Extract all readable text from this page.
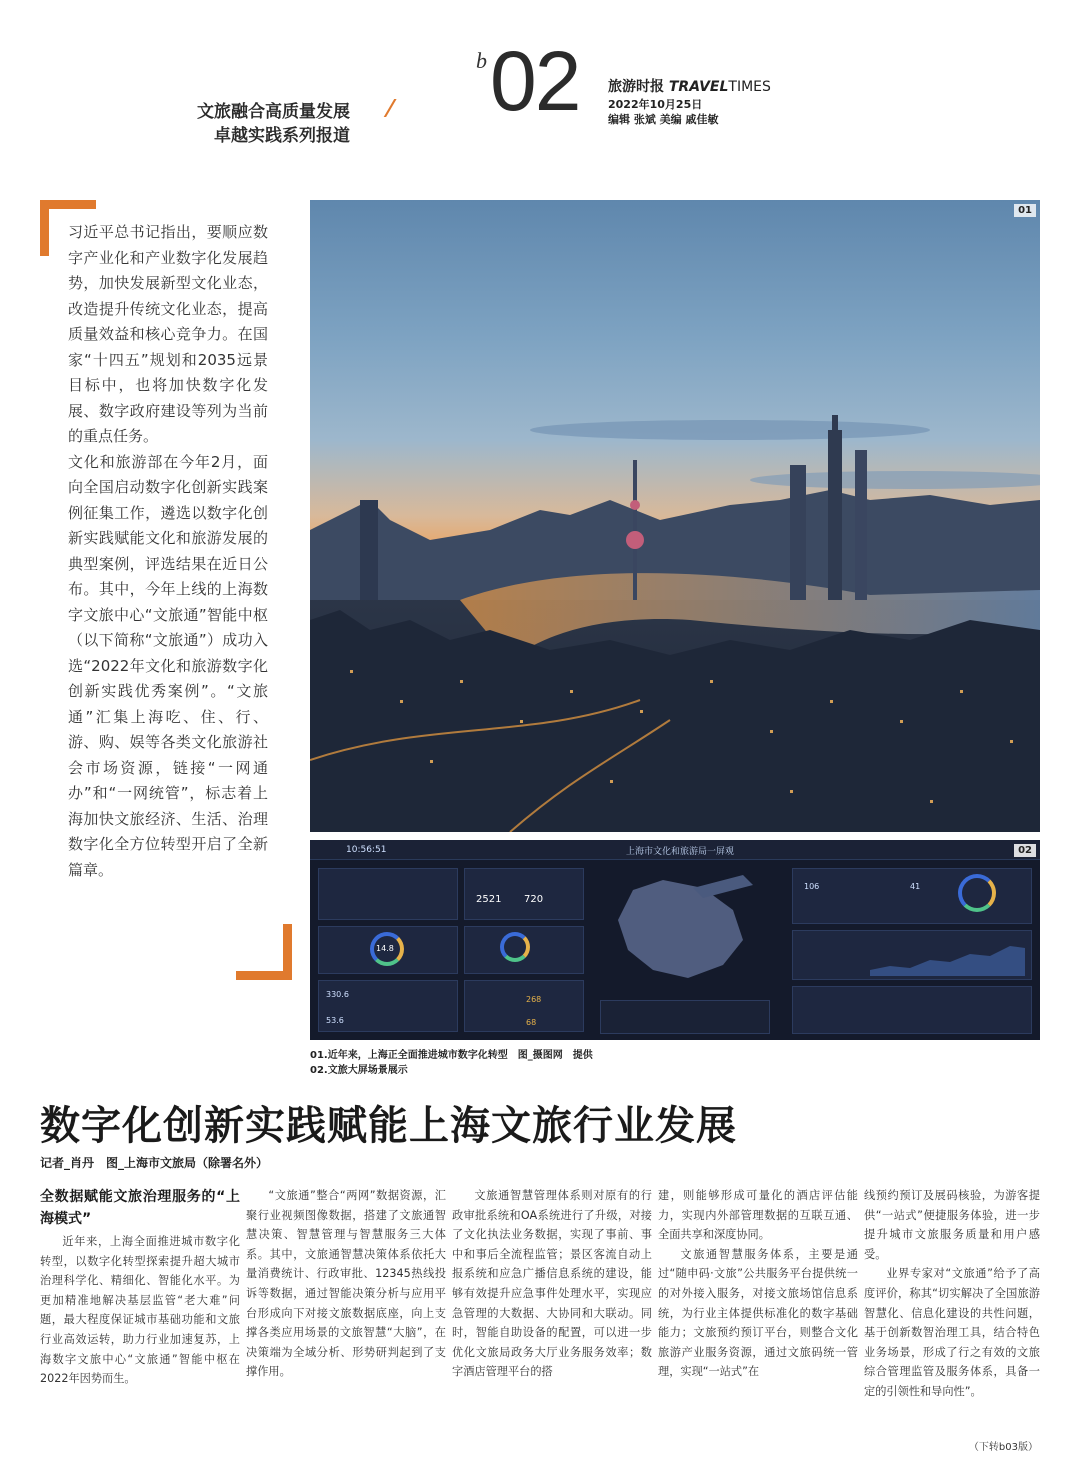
文旅融合高质量发展
卓越实践系列报道
/
b 02 旅游时报 TRAVELTIMES
2022年10月25日
编辑 张斌 美编 戚佳敏

习近平总书记指出，要顺应数字产业化和产业数字化发展趋势，加快发展新型文化业态，改造提升传统文化业态，提高质量效益和核心竞争力。在国家“十四五”规划和2035远景目标中，也将加快数字化发展、数字政府建设等列为当前的重点任务。

文化和旅游部在今年2月，面向全国启动数字化创新实践案例征集工作，遴选以数字化创新实践赋能文化和旅游发展的典型案例，评选结果在近日公布。其中，今年上线的上海数字文旅中心“文旅通”智能中枢（以下简称“文旅通”）成功入选“2022年文化和旅游数字化创新实践优秀案例”。“文旅通”汇集上海吃、住、行、游、购、娱等各类文化旅游社会市场资源，链接“一网通办”和“一网统管”，标志着上海加快文旅经济、生活、治理数字化全方位转型开启了全新篇章。

01
10:56:51	上海市文化和旅游局一屏观	02
14.8
330.6
53.6
2521 720
268
68
106	41
01.近年来，上海正全面推进城市数字化转型　图_摄图网　提供
02.文旅大屏场景展示
数字化创新实践赋能上海文旅行业发展
记者_肖丹　图_上海市文旅局（除署名外）

全数据赋能文旅治理服务的“上海模式”

近年来，上海全面推进城市数字化转型，以数字化转型探索提升超大城市治理科学化、精细化、智能化水平。为更加精准地解决基层监管“老大难”问题，最大程度保证城市基础功能和文旅行业高效运转，助力行业加速复苏，上海数字文旅中心“文旅通”智能中枢在2022年因势而生。

“文旅通”整合“两网”数据资源，汇聚行业视频图像数据，搭建了文旅通智慧决策、智慧管理与智慧服务三大体系。其中，文旅通智慧决策体系依托大量消费统计、行政审批、12345热线投诉等数据，通过智能决策分析与应用平台形成向下对接文旅数据底座，向上支撑各类应用场景的文旅智慧“大脑”，在决策端为全域分析、形势研判起到了支撑作用。

文旅通智慧管理体系则对原有的行政审批系统和OA系统进行了升级，对接了文化执法业务数据，实现了事前、事中和事后全流程监管；景区客流自动上报系统和应急广播信息系统的建设，能够有效提升应急事件处理水平，实现应急管理的大数据、大协同和大联动。同时，智能自助设备的配置，可以进一步优化文旅局政务大厅业务服务效率；数字酒店管理平台的搭

建，则能够形成可量化的酒店评估能力，实现内外部管理数据的互联互通、全面共享和深度协同。

文旅通智慧服务体系，主要是通过“随申码·文旅”公共服务平台提供统一的对外接入服务，对接文旅场馆信息系统，为行业主体提供标准化的数字基础能力；文旅预约预订平台，则整合文化旅游产业服务资源，通过文旅码统一管理，实现“一站式”在

线预约预订及展码核验，为游客提供“一站式”便捷服务体验，进一步提升城市文旅服务质量和用户感受。

业界专家对“文旅通”给予了高度评价，称其“切实解决了全国旅游智慧化、信息化建设的共性问题，基于创新数智治理工具，结合特色业务场景，形成了行之有效的文旅综合管理监管及服务体系，具备一定的引领性和导向性”。

（下转b03版）
